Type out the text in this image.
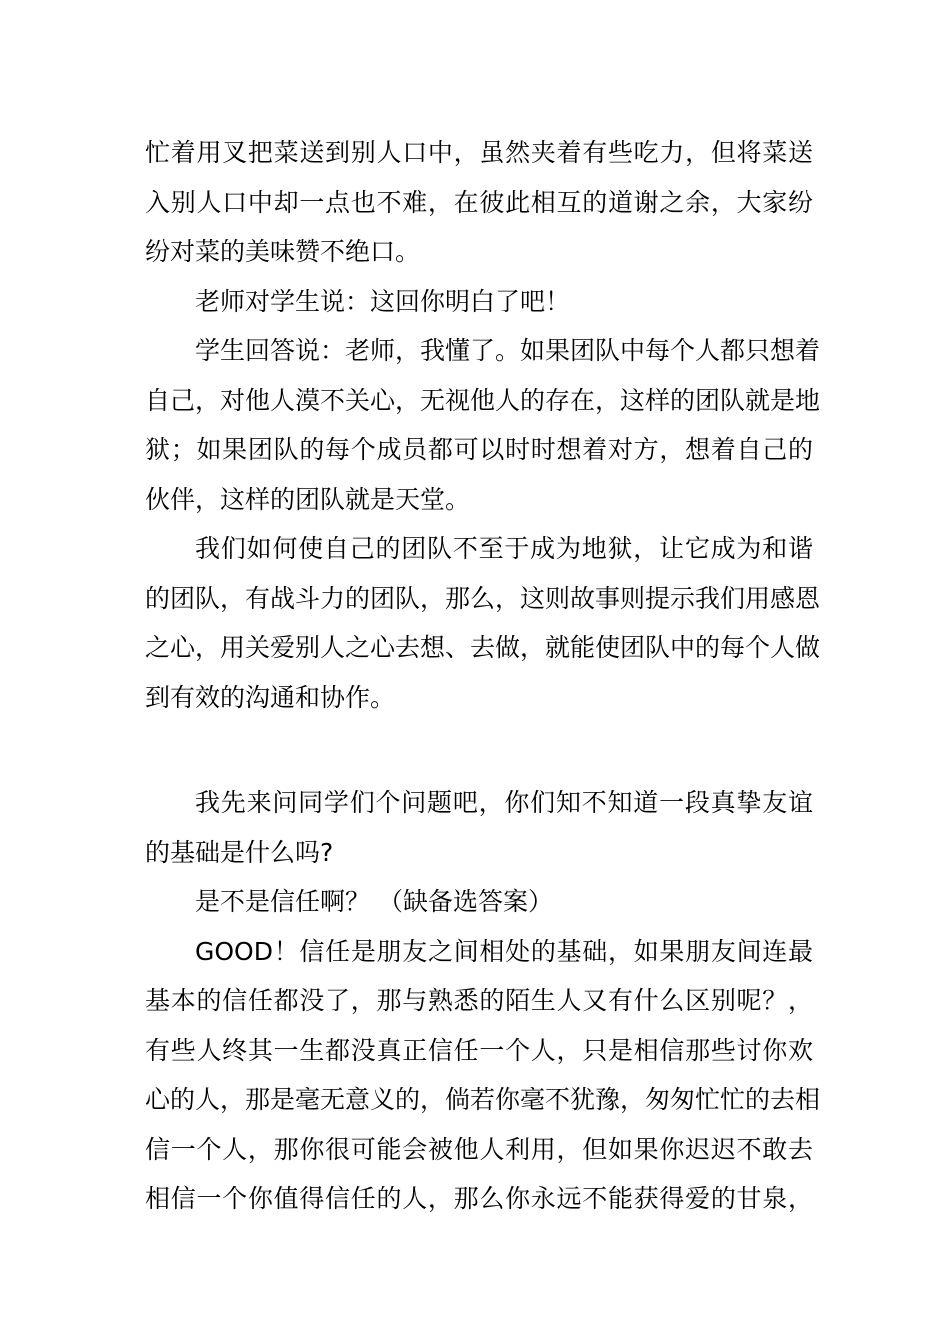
忙着用叉把菜送到别人口中，虽然夹着有些吃力，但将菜送
入别人口中却一点也不难，在彼此相互的道谢之余，大家纷
纷对菜的美味赞不绝口。
老师对学生说：这回你明白了吧！
学生回答说：老师，我懂了。如果团队中每个人都只想着
自己，对他人漠不关心，无视他人的存在，这样的团队就是地
狱；如果团队的每个成员都可以时时想着对方，想着自己的
伙伴，这样的团队就是天堂。
我们如何使自己的团队不至于成为地狱，让它成为和谐
的团队，有战斗力的团队，那么，这则故事则提示我们用感恩
之心，用关爱别人之心去想、去做，就能使团队中的每个人做
到有效的沟通和协作。
我先来问同学们个问题吧，你们知不知道一段真挚友谊
的基础是什么吗?
是不是信任啊？ （缺备选答案）
GOOD！信任是朋友之间相处的基础，如果朋友间连最
基本的信任都没了，那与熟悉的陌生人又有什么区别呢？，
有些人终其一生都没真正信任一个人，只是相信那些讨你欢
心的人，那是毫无意义的，倘若你毫不犹豫，匆匆忙忙的去相
信一个人，那你很可能会被他人利用，但如果你迟迟不敢去
相信一个你值得信任的人，那么你永远不能获得爱的甘泉，
